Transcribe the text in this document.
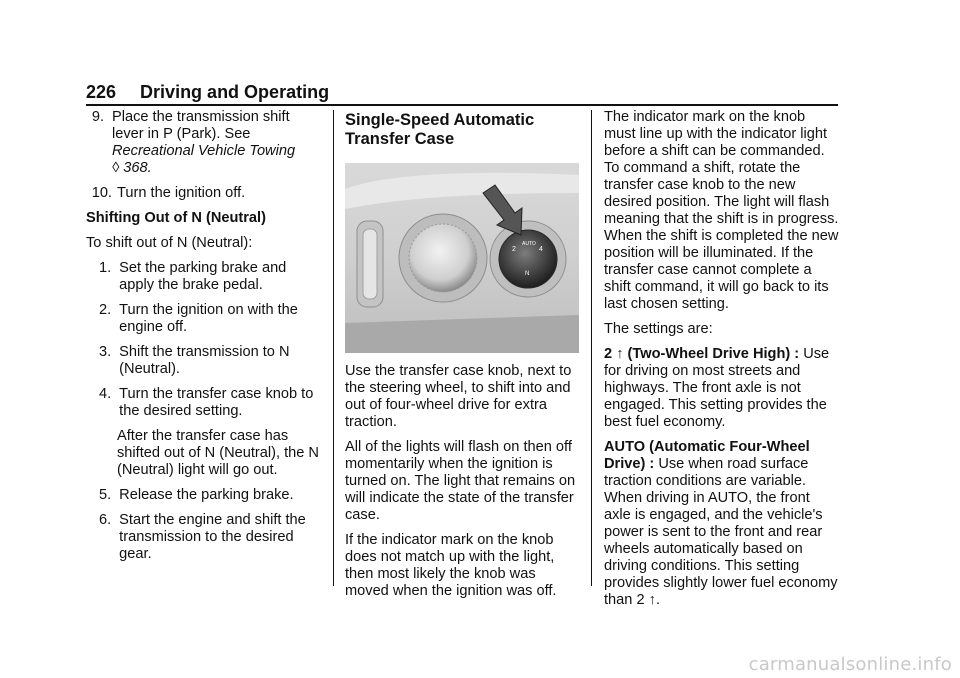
226 Driving and Operating
9. Place the transmission shift lever in P (Park). See
Recreational Vehicle Towing
◊ 368.
10. Turn the ignition off.

Shifting Out of N (Neutral)

To shift out of N (Neutral):

1. Set the parking brake and apply the brake pedal.
2. Turn the ignition on with the engine off.
3. Shift the transmission to N (Neutral).
4. Turn the transfer case knob to the desired setting.

After the transfer case has shifted out of N (Neutral), the N (Neutral) light will go out.

5. Release the parking brake.
6. Start the engine and shift the transmission to the desired gear.
Single-Speed Automatic Transfer Case
2
AUTO
4
N

Use the transfer case knob, next to the steering wheel, to shift into and out of four-wheel drive for extra traction.

All of the lights will flash on then off momentarily when the ignition is turned on. The light that remains on will indicate the state of the transfer case.

If the indicator mark on the knob does not match up with the light, then most likely the knob was moved when the ignition was off.

The indicator mark on the knob must line up with the indicator light before a shift can be commanded. To command a shift, rotate the transfer case knob to the new desired position. The light will flash meaning that the shift is in progress. When the shift is completed the new position will be illuminated. If the transfer case cannot complete a shift command, it will go back to its last chosen setting.

The settings are:

2 ↑ (Two-Wheel Drive High) : Use for driving on most streets and highways. The front axle is not engaged. This setting provides the best fuel economy.

AUTO (Automatic Four-Wheel Drive) : Use when road surface traction conditions are variable. When driving in AUTO, the front axle is engaged, and the vehicle's power is sent to the front and rear wheels automatically based on driving conditions. This setting provides slightly lower fuel economy than 2 ↑.

carmanualsonline.info
